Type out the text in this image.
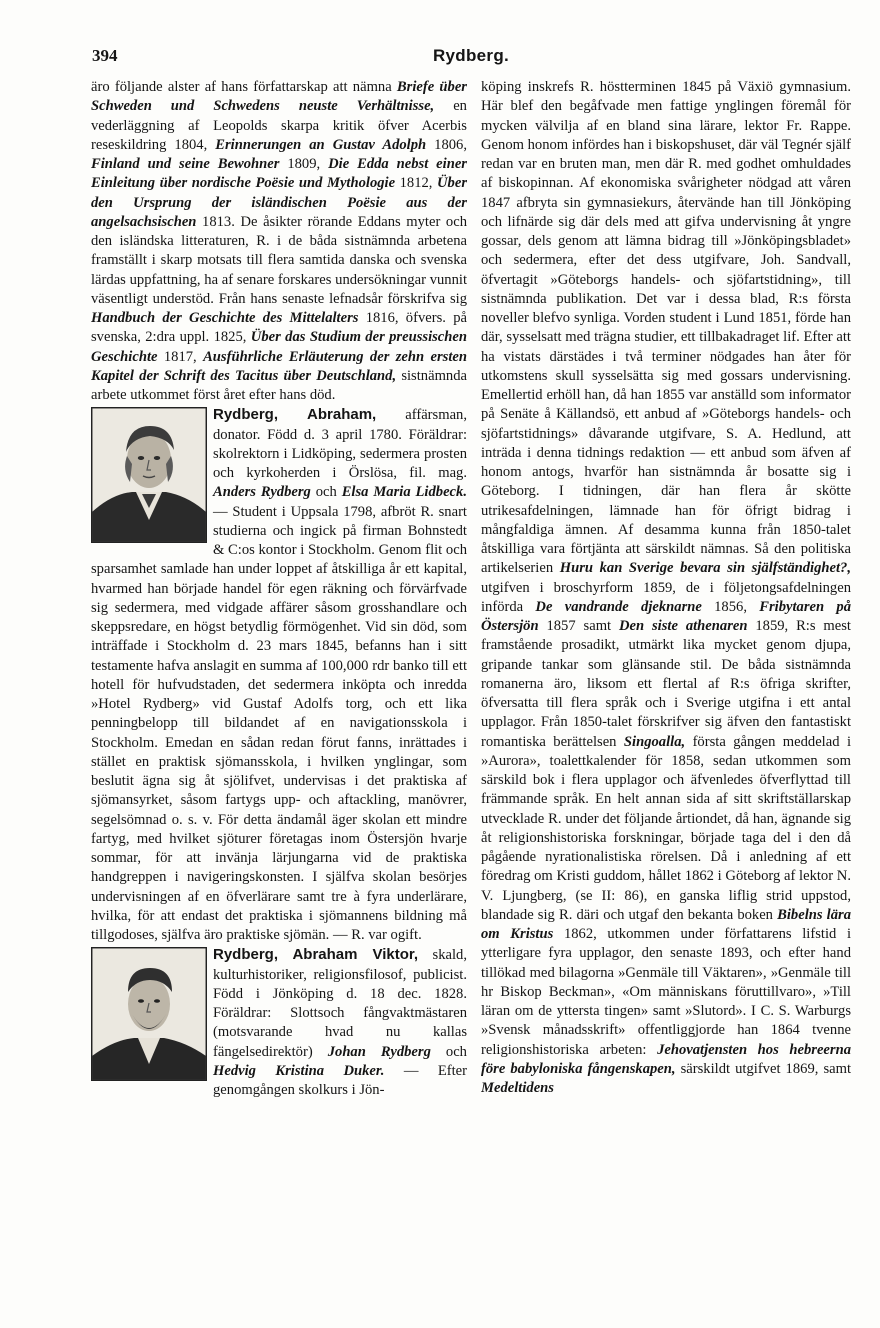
394	Rydberg.

äro följande alster af hans författarskap att nämna Briefe über Schweden und Schwedens neuste Verhältnisse, en vederläggning af Leopolds skarpa kritik öfver Acerbis reseskildring 1804, Erinnerungen an Gustav Adolph 1806, Finland und seine Bewohner 1809, Die Edda nebst einer Einleitung über nordische Poësie und Mythologie 1812, Über den Ursprung der isländischen Poësie aus der angelsachsischen 1813. De åsikter rörande Eddans myter och den isländska litteraturen, R. i de båda sistnämnda arbetena framställt i skarp motsats till flera samtida danska och svenska lärdas uppfattning, ha af senare forskares undersökningar vunnit väsentligt understöd. Från hans senaste lefnadsår förskrifva sig Handbuch der Geschichte des Mittelalters 1816, öfvers. på svenska, 2:dra uppl. 1825, Über das Studium der preussischen Geschichte 1817, Ausführliche Erläuterung der zehn ersten Kapitel der Schrift des Tacitus über Deutschland, sistnämnda arbete utkommet först året efter hans död.

Rydberg, Abraham,
affärsman, donator. Född d. 3 april 1780. Föräldrar: skolrektorn i Lidköping, sedermera prosten och kyrkoherden i Örslösa, fil. mag. Anders Rydberg och Elsa Maria Lidbeck. — Student i Uppsala 1798, afbröt R. snart studierna och ingick på firman Bohnstedt & C:os kontor i Stockholm. Genom flit och sparsamhet samlade han under loppet af åtskilliga år ett kapital, hvarmed han började handel för egen räkning och förvärfvade sig sedermera, med vidgade affärer såsom grosshandlare och skeppsredare, en högst betydlig förmögenhet. Vid sin död, som inträffade i Stockholm d. 23 mars 1845, befanns han i sitt testamente hafva anslagit en summa af 100,000 rdr banko till ett hotell för hufvudstaden, det sedermera inköpta och inredda »Hotel Rydberg» vid Gustaf Adolfs torg, och ett lika penningbelopp till bildandet af en navigationsskola i Stockholm. Emedan en sådan redan förut fanns, inrättades i stället en praktisk sjömansskola, i hvilken ynglingar, som beslutit ägna sig åt sjölifvet, undervisas i det praktiska af sjömansyrket, såsom fartygs upp- och aftackling, manövrer, segelsömnad o. s. v. För detta ändamål äger skolan ett mindre fartyg, med hvilket sjöturer företagas inom Östersjön hvarje sommar, för att invänja lärjungarna vid de praktiska handgreppen i navigeringskonsten. I själfva skolan besörjes undervisningen af en öfverlärare samt tre à fyra underlärare, hvilka, för att endast det praktiska i sjömannens bildning må tillgodoses, själfva äro praktiske sjömän. — R. var ogift.

Rydberg, Abraham Viktor,
skald, kulturhistoriker, religionsfilosof, publicist. Född i Jönköping d. 18 dec. 1828. Föräldrar: Slottsoch fångvaktmästaren (motsvarande hvad nu kallas fängelsedirektör) Johan Rydberg och Hedvig Kristina Duker. — Efter genomgången skolkurs i Jön-

köping inskrefs R. höstterminen 1845 på Växiö gymnasium. Här blef den begåfvade men fattige ynglingen föremål för mycken välvilja af en bland sina lärare, lektor Fr. Rappe. Genom honom infördes han i biskopshuset, där väl Tegnér själf redan var en bruten man, men där R. med godhet omhuldades af biskopinnan. Af ekonomiska svårigheter nödgad att våren 1847 afbryta sin gymnasiekurs, återvände han till Jönköping och lifnärde sig där dels med att gifva undervisning åt yngre gossar, dels genom att lämna bidrag till »Jönköpingsbladet» och sedermera, efter det dess utgifvare, Joh. Sandvall, öfvertagit »Göteborgs handels- och sjöfartstidning», till sistnämnda publikation. Det var i dessa blad, R:s första noveller blefvo synliga. Vorden student i Lund 1851, förde han där, sysselsatt med trägna studier, ett tillbakadraget lif. Efter att ha vistats därstädes i två terminer nödgades han åter för utkomstens skull sysselsätta sig med gossars undervisning. Emellertid erhöll han, då han 1855 var anställd som informator på Senäte å Källandsö, ett anbud af »Göteborgs handels- och sjöfartstidnings» dåvarande utgifvare, S. A. Hedlund, att inträda i denna tidnings redaktion — ett anbud som äfven af honom antogs, hvarför han sistnämnda år bosatte sig i Göteborg. I tidningen, där han flera år skötte utrikesafdelningen, lämnade han för öfrigt bidrag i mångfaldiga ämnen. Af desamma kunna från 1850-talet åtskilliga vara förtjänta att särskildt nämnas. Så den politiska artikelserien Huru kan Sverige bevara sin själfständighet?, utgifven i broschyrform 1859, de i följetongsafdelningen införda De vandrande djeknarne 1856, Fribytaren på Östersjön 1857 samt Den siste athenaren 1859, R:s mest framstående prosadikt, utmärkt lika mycket genom djupa, gripande tankar som glänsande stil. De båda sistnämnda romanerna äro, liksom ett flertal af R:s öfriga skrifter, öfversatta till flera språk och i Sverige utgifna i ett antal upplagor. Från 1850-talet förskrifver sig äfven den fantastiskt romantiska berättelsen Singoalla, första gången meddelad i »Aurora», toalettkalender för 1858, sedan utkommen som särskild bok i flera upplagor och äfvenledes öfverflyttad till främmande språk. En helt annan sida af sitt skriftställarskap utvecklade R. under det följande årtiondet, då han, ägnande sig åt religionshistoriska forskningar, började taga del i den då pågående nyrationalistiska rörelsen. Då i anledning af ett föredrag om Kristi guddom, hållet 1862 i Göteborg af lektor N. V. Ljungberg, (se II: 86), en ganska liflig strid uppstod, blandade sig R. däri och utgaf den bekanta boken Bibelns lära om Kristus 1862, utkommen under författarens lifstid i ytterligare fyra upplagor, den senaste 1893, och efter hand tillökad med bilagorna »Genmäle till Väktaren», »Genmäle till hr Biskop Beckman», «Om människans föruttillvaro», »Till läran om de yttersta tingen» samt »Slutord». I C. S. Warburgs »Svensk månadsskrift» offentliggjorde han 1864 tvenne religionshistoriska arbeten: Jehovatjensten hos hebreerna före babyloniska fångenskapen, särskildt utgifvet 1869, samt Medeltidens
